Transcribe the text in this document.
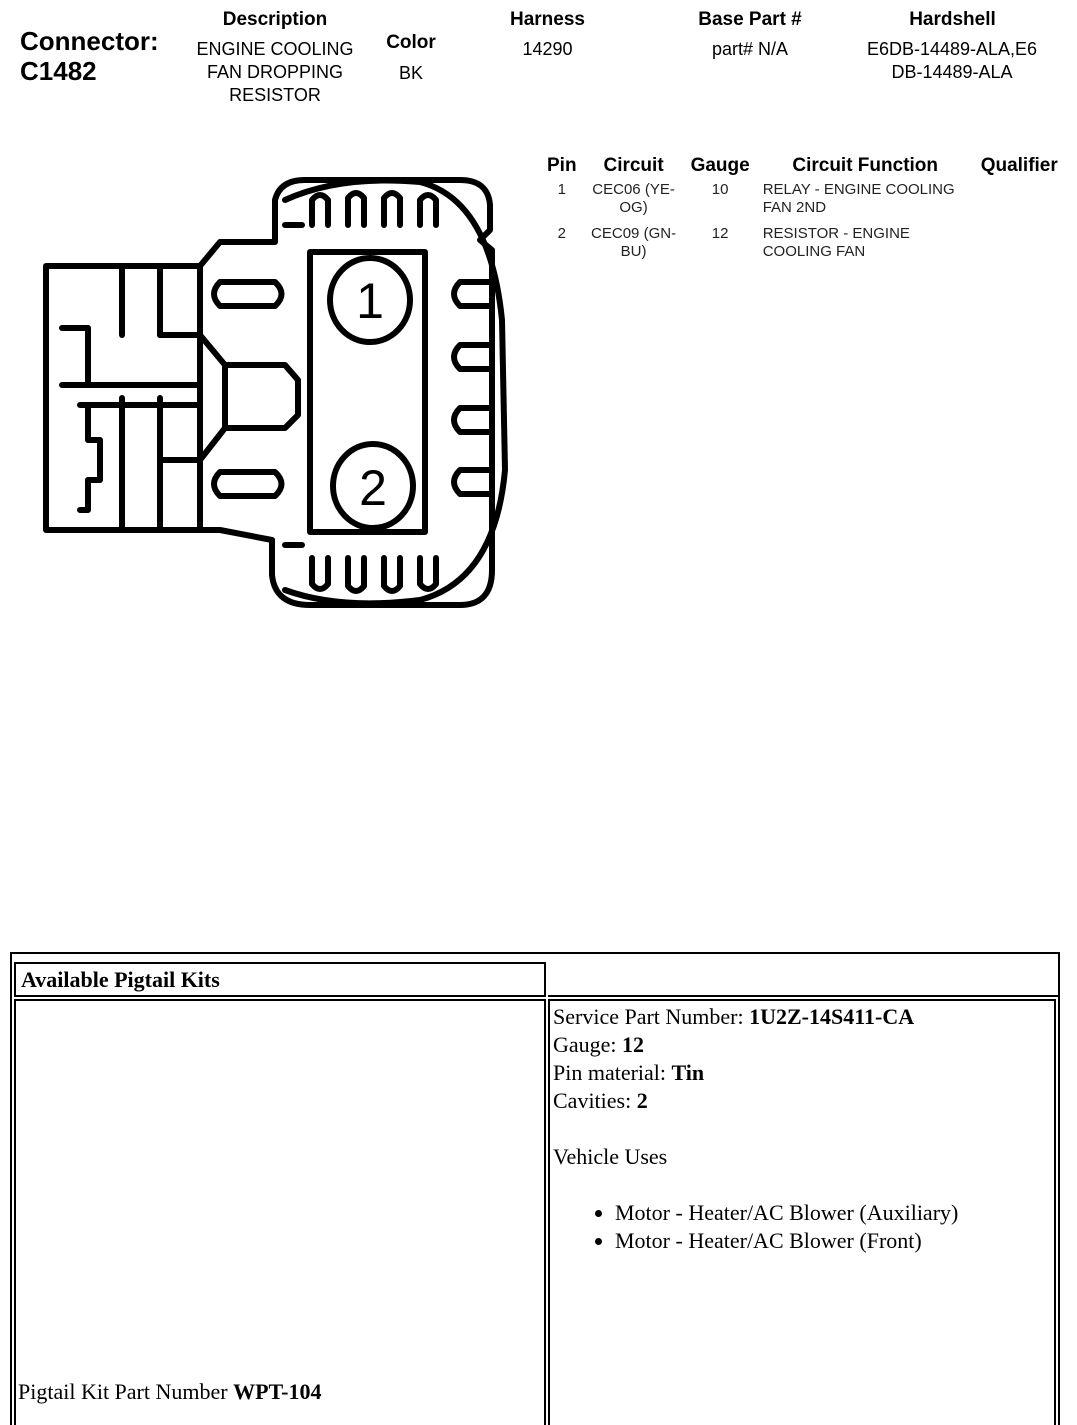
Connector:
C1482
Description
ENGINE COOLING FAN DROPPING RESISTOR
Color
BK
Harness
14290
Base Part #
part# N/A
Hardshell
E6DB-14489-ALA,E6DB-14489-ALA
Pin	Circuit	Gauge	Circuit Function	Qualifier
1	CEC06 (YE-OG)	10	RELAY - ENGINE COOLING FAN 2ND	
2	CEC09 (GN-BU)	12	RESISTOR - ENGINE COOLING FAN	
1
2
Available Pigtail Kits
Service Part Number: 1U2Z-14S411-CA
Gauge: 12
Pin material: Tin
Cavities: 2
Vehicle Uses
• Motor - Heater/AC Blower (Auxiliary)
• Motor - Heater/AC Blower (Front)
Pigtail Kit Part Number WPT-104
